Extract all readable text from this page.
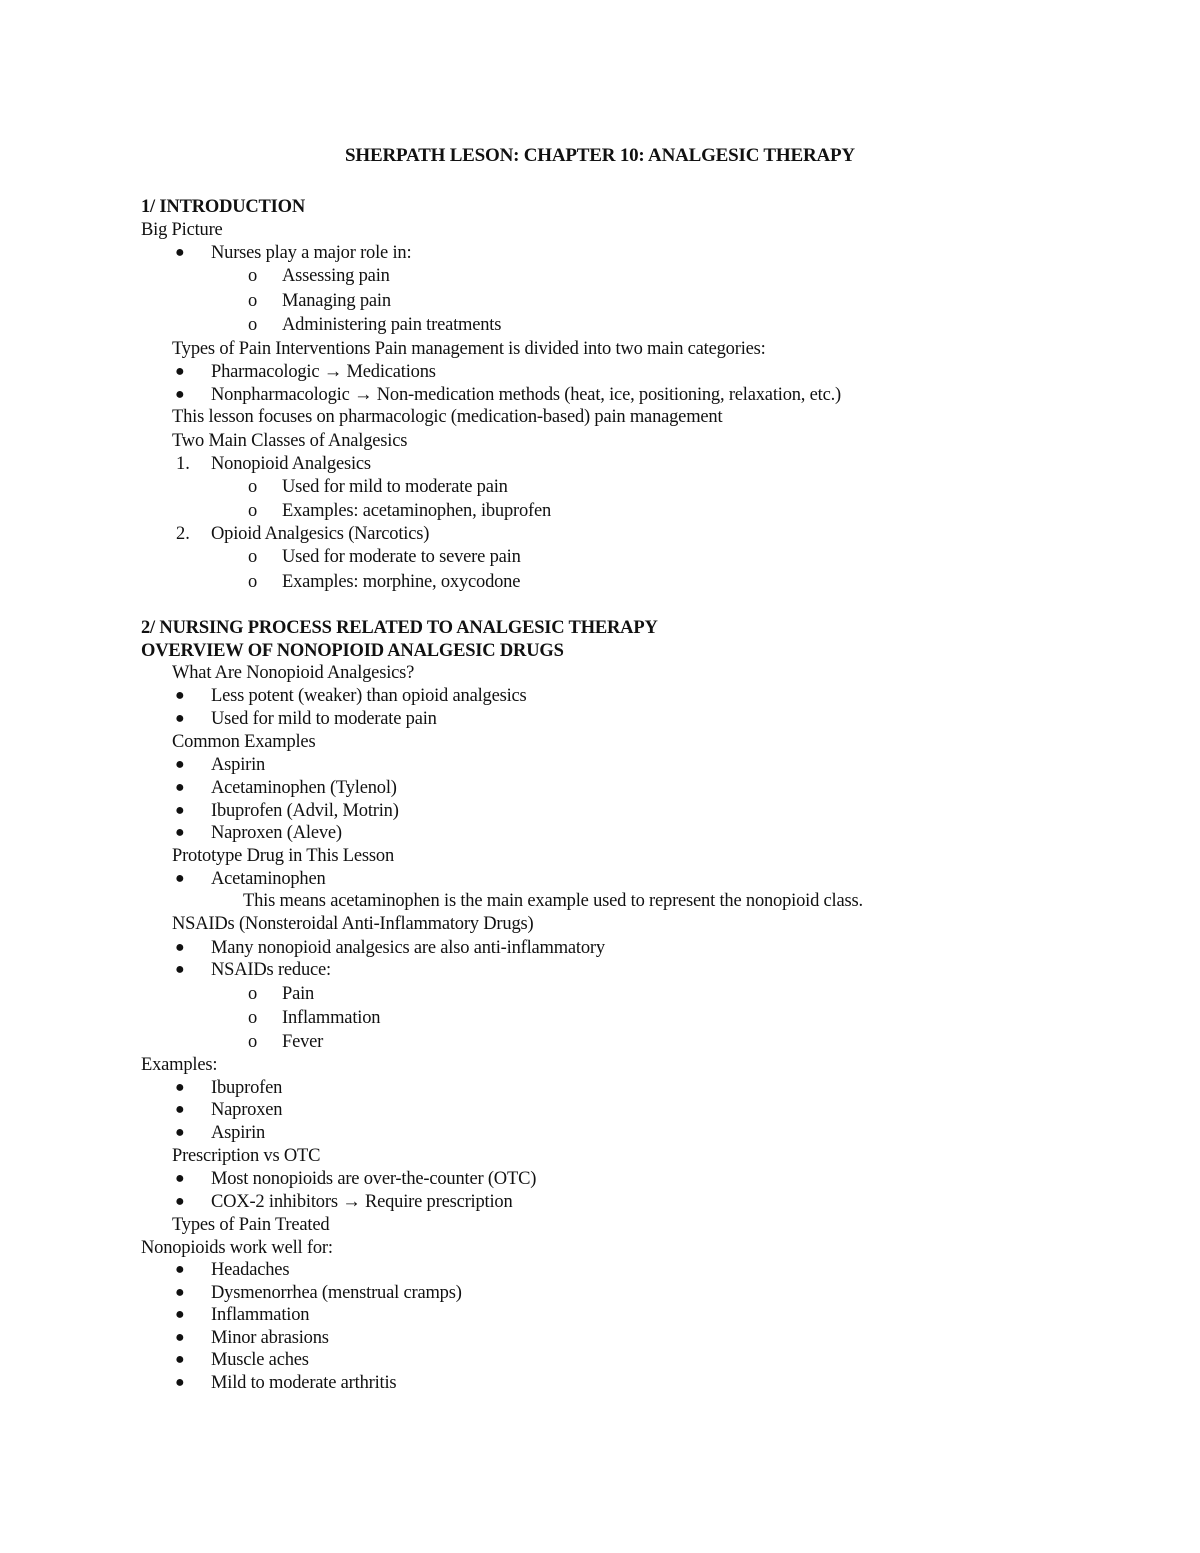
SHERPATH LESON: CHAPTER 10: ANALGESIC THERAPY
1/ INTRODUCTION
Big Picture
● Nurses play a major role in:
o Assessing pain
o Managing pain
o Administering pain treatments
Types of Pain Interventions Pain management is divided into two main categories:
● Pharmacologic → Medications
● Nonpharmacologic → Non-medication methods (heat, ice, positioning, relaxation, etc.)
This lesson focuses on pharmacologic (medication-based) pain management
Two Main Classes of Analgesics
1. Nonopioid Analgesics
o Used for mild to moderate pain
o Examples: acetaminophen, ibuprofen
2. Opioid Analgesics (Narcotics)
o Used for moderate to severe pain
o Examples: morphine, oxycodone
2/ NURSING PROCESS RELATED TO ANALGESIC THERAPY
OVERVIEW OF NONOPIOID ANALGESIC DRUGS
What Are Nonopioid Analgesics?
● Less potent (weaker) than opioid analgesics
● Used for mild to moderate pain
Common Examples
● Aspirin
● Acetaminophen (Tylenol)
● Ibuprofen (Advil, Motrin)
● Naproxen (Aleve)
Prototype Drug in This Lesson
● Acetaminophen
This means acetaminophen is the main example used to represent the nonopioid class.
NSAIDs (Nonsteroidal Anti-Inflammatory Drugs)
● Many nonopioid analgesics are also anti-inflammatory
● NSAIDs reduce:
o Pain
o Inflammation
o Fever
Examples:
● Ibuprofen
● Naproxen
● Aspirin
Prescription vs OTC
● Most nonopioids are over-the-counter (OTC)
● COX-2 inhibitors → Require prescription
Types of Pain Treated
Nonopioids work well for:
● Headaches
● Dysmenorrhea (menstrual cramps)
● Inflammation
● Minor abrasions
● Muscle aches
● Mild to moderate arthritis
